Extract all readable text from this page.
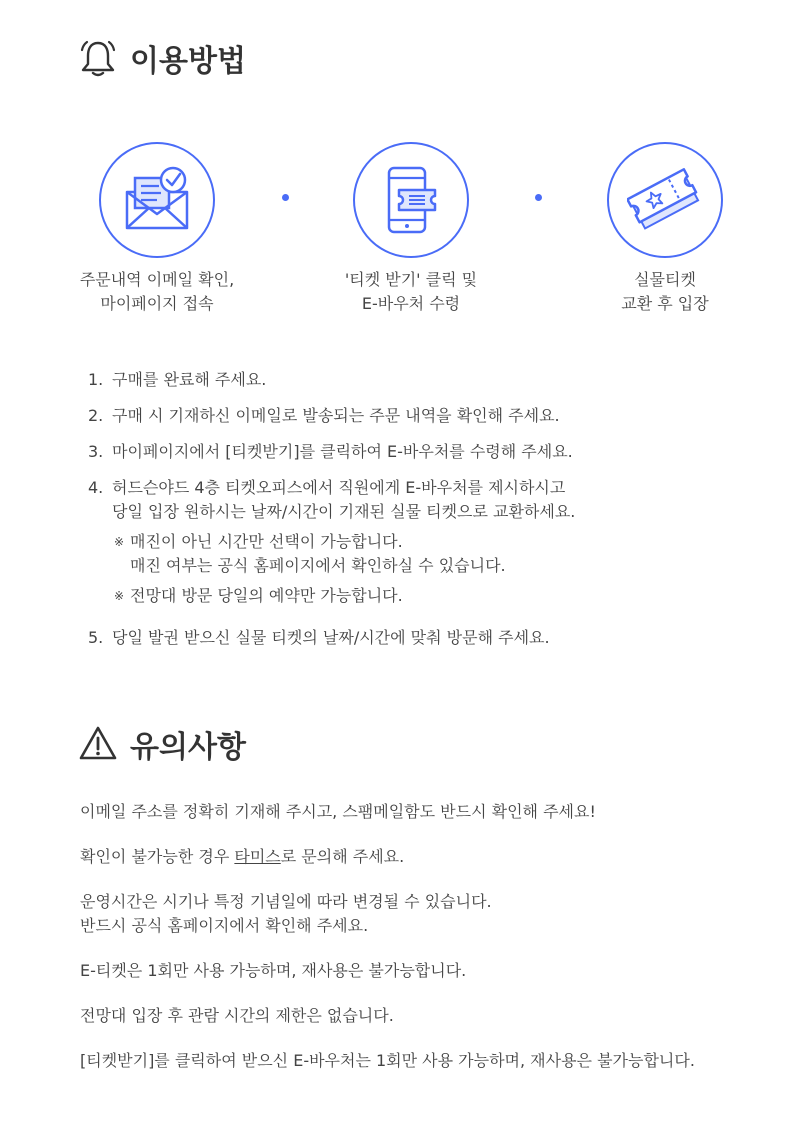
이용방법
주문내역 이메일 확인,
마이페이지 접속
'티켓 받기' 클릭 및
E-바우처 수령
실물티켓
교환 후 입장
1. 구매를 완료해 주세요.
2. 구매 시 기재하신 이메일로 발송되는 주문 내역을 확인해 주세요.
3. 마이페이지에서 [티켓받기]를 클릭하여 E-바우처를 수령해 주세요.
4. 허드슨야드 4층 티켓오피스에서 직원에게 E-바우처를 제시하시고
당일 입장 원하시는 날짜/시간이 기재된 실물 티켓으로 교환하세요.
※ 매진이 아닌 시간만 선택이 가능합니다.
매진 여부는 공식 홈페이지에서 확인하실 수 있습니다.
※ 전망대 방문 당일의 예약만 가능합니다.
5. 당일 발권 받으신 실물 티켓의 날짜/시간에 맞춰 방문해 주세요.
유의사항

이메일 주소를 정확히 기재해 주시고, 스팸메일함도 반드시 확인해 주세요!

확인이 불가능한 경우 타미스로 문의해 주세요.

운영시간은 시기나 특정 기념일에 따라 변경될 수 있습니다.
반드시 공식 홈페이지에서 확인해 주세요.

E-티켓은 1회만 사용 가능하며, 재사용은 불가능합니다.

전망대 입장 후 관람 시간의 제한은 없습니다.

[티켓받기]를 클릭하여 받으신 E-바우처는 1회만 사용 가능하며, 재사용은 불가능합니다.
